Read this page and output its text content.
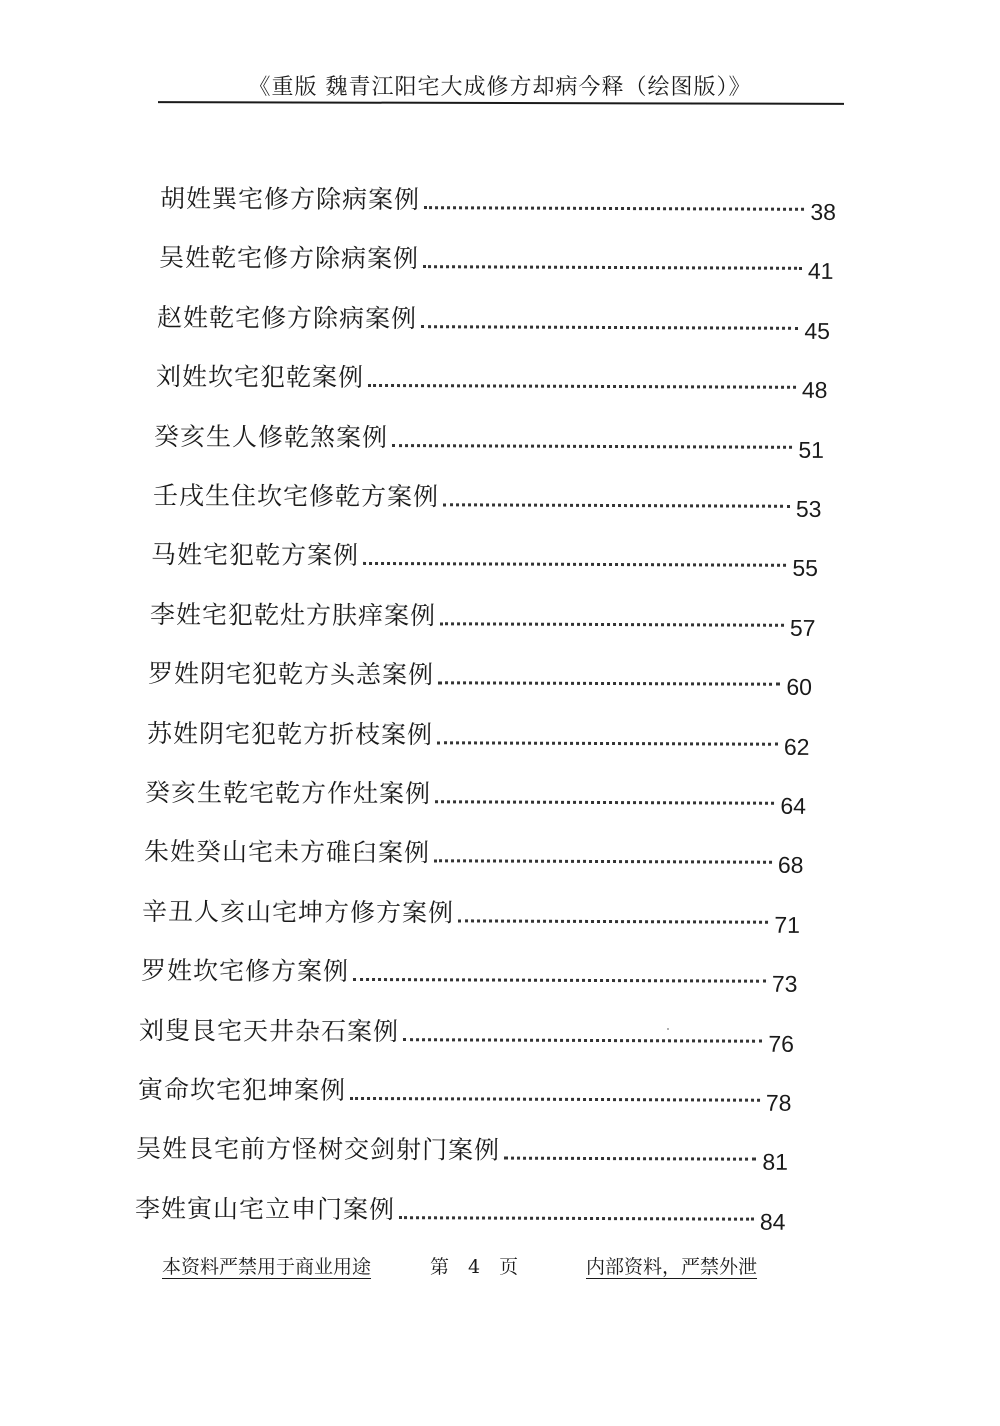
《重版 魏青江阳宅大成修方却病今释（绘图版）》
胡姓巽宅修方除病案例	38
吴姓乾宅修方除病案例	41
赵姓乾宅修方除病案例	45
刘姓坎宅犯乾案例	48
癸亥生人修乾煞案例	51
壬戌生住坎宅修乾方案例	53
马姓宅犯乾方案例	55
李姓宅犯乾灶方肤痒案例	57
罗姓阴宅犯乾方头恙案例	60
苏姓阴宅犯乾方折枝案例	62
癸亥生乾宅乾方作灶案例	64
朱姓癸山宅未方碓臼案例	68
辛丑人亥山宅坤方修方案例	71
罗姓坎宅修方案例	73
刘叟艮宅天井杂石案例	76
寅命坎宅犯坤案例	78
吴姓艮宅前方怪树交剑射门案例	81
李姓寅山宅立申门案例	84
本资料严禁用于商业用途	第　4　页	内部资料，严禁外泄
